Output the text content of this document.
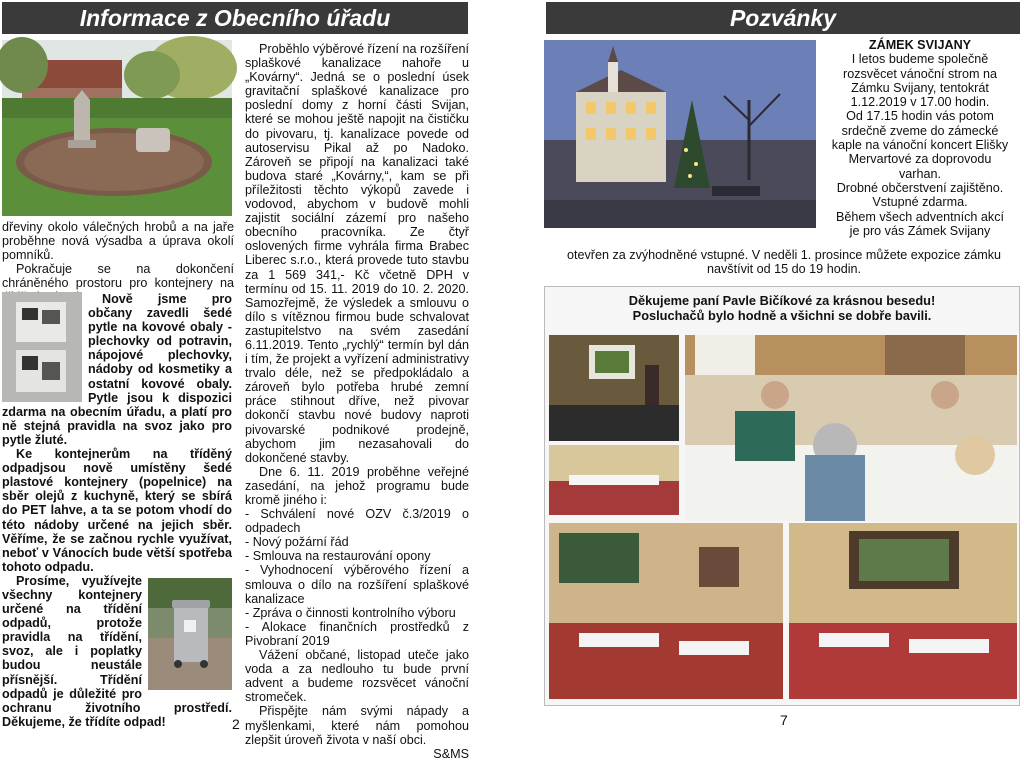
Informace z Obecního úřadu

dřeviny okolo válečných hrobů a na jaře proběhne nová výsadba a úprava okolí pomníků.

Pokračuje se na dokončení chráněného prostoru pro kontejnery na

Nově jsme pro občany zavedli šedé pytle na kovové obaly - plechovky od potravin, nápojové plechovky, nádoby od kosmetiky a ostatní kovové obaly. Pytle jsou k dispozici zdarma na obecním úřadu, a platí pro ně stejná pravidla na svoz jako pro pytle žluté.

Ke kontejnerům na tříděný odpadjsou nově umístěny šedé plastové kontejnery (popelnice) na sběr olejů z kuchyně, který se sbírá do PET lahve, a ta se potom vhodí do této nádoby určené na jejich sběr. Věříme, že se začnou rychle využívat, neboť v Vánocích bude větší spotřeba tohoto odpadu.

Prosíme, využívejte všechny kontejnery určené na třídění odpadů, protože pravidla na třídění, svoz, ale i poplatky budou neustále přísnější. Třídění odpadů je důležité pro ochranu životního prostředí. Děkujeme, že třídíte odpad!

Proběhlo výběrové řízení na rozšíření splaškové kanalizace nahoře u „Kovárny“. Jedná se o poslední úsek gravitační splaškové kanalizace pro poslední domy z horní části Svijan, které se mohou ještě napojit na čističku do pivovaru, tj. kanalizace povede od autoservisu Pikal až po Nadoko. Zároveň se připojí na kanalizaci také budova staré „Kovárny,“, kam se při příležitosti těchto výkopů zavede i vodovod, abychom v budově mohli zajistit sociální zázemí pro našeho obecního pracovníka. Ze čtyř oslovených firme vyhrála firma Brabec Liberec s.r.o., která provede tuto stavbu za 1 569 341,- Kč včetně DPH v termínu od 15. 11. 2019 do 10. 2. 2020. Samozřejmě, že výsledek a smlouvu o dílo s vítěznou firmou bude schvalovat zastupitelstvo na svém zasedání 6.11.2019. Tento „rychlý“ termín byl dán i tím, že projekt a vyřízení administrativy trvalo déle, než se předpokládalo a zároveň bylo potřeba hrubé zemní práce stihnout dříve, než pivovar dokončí stavbu nové budovy naproti pivovarské podnikové prodejně, abychom jim nezasahovali do dokončené stavby.

Dne 6. 11. 2019 proběhne veřejné zasedání, na jehož programu bude kromě jiného i:

- Schválení nové OZV č.3/2019 o odpadech

- Nový požární řád

- Smlouva na restaurování opony

- Vyhodnocení výběrového řízení a smlouva o dílo na rozšíření splaškové kanalizace

- Zpráva o činnosti kontrolního výboru

- Alokace finančních prostředků z Pivobraní 2019

Vážení občané, listopad uteče jako voda a za nedlouho tu bude první advent a budeme rozsvěcet vánoční stromeček.

Přispějte nám svými nápady a myšlenkami, které nám pomohou zlepšit úroveň života v naší obci.
S&MS

2
Pozvánky

ZÁMEK SVIJANY

I letos budeme společně

rozsvěcet vánoční strom na

Zámku Svijany, tentokrát

1.12.2019 v 17.00 hodin.

Od 17.15 hodin vás potom

srdečně zveme do zámecké

kaple na vánoční koncert Elišky

Mervartové za doprovodu

varhan.

Drobné občerstvení zajištěno.

Vstupné zdarma.

Během všech adventních akcí

je pro vás Zámek Svijany

otevřen za zvýhodněné vstupné. V neděli 1. prosince můžete expozice zámku

navštívit od 15 do 19 hodin.

Děkujeme paní Pavle Bičíkové za krásnou besedu!

Posluchačů bylo hodně a všichni se dobře bavili.

7
